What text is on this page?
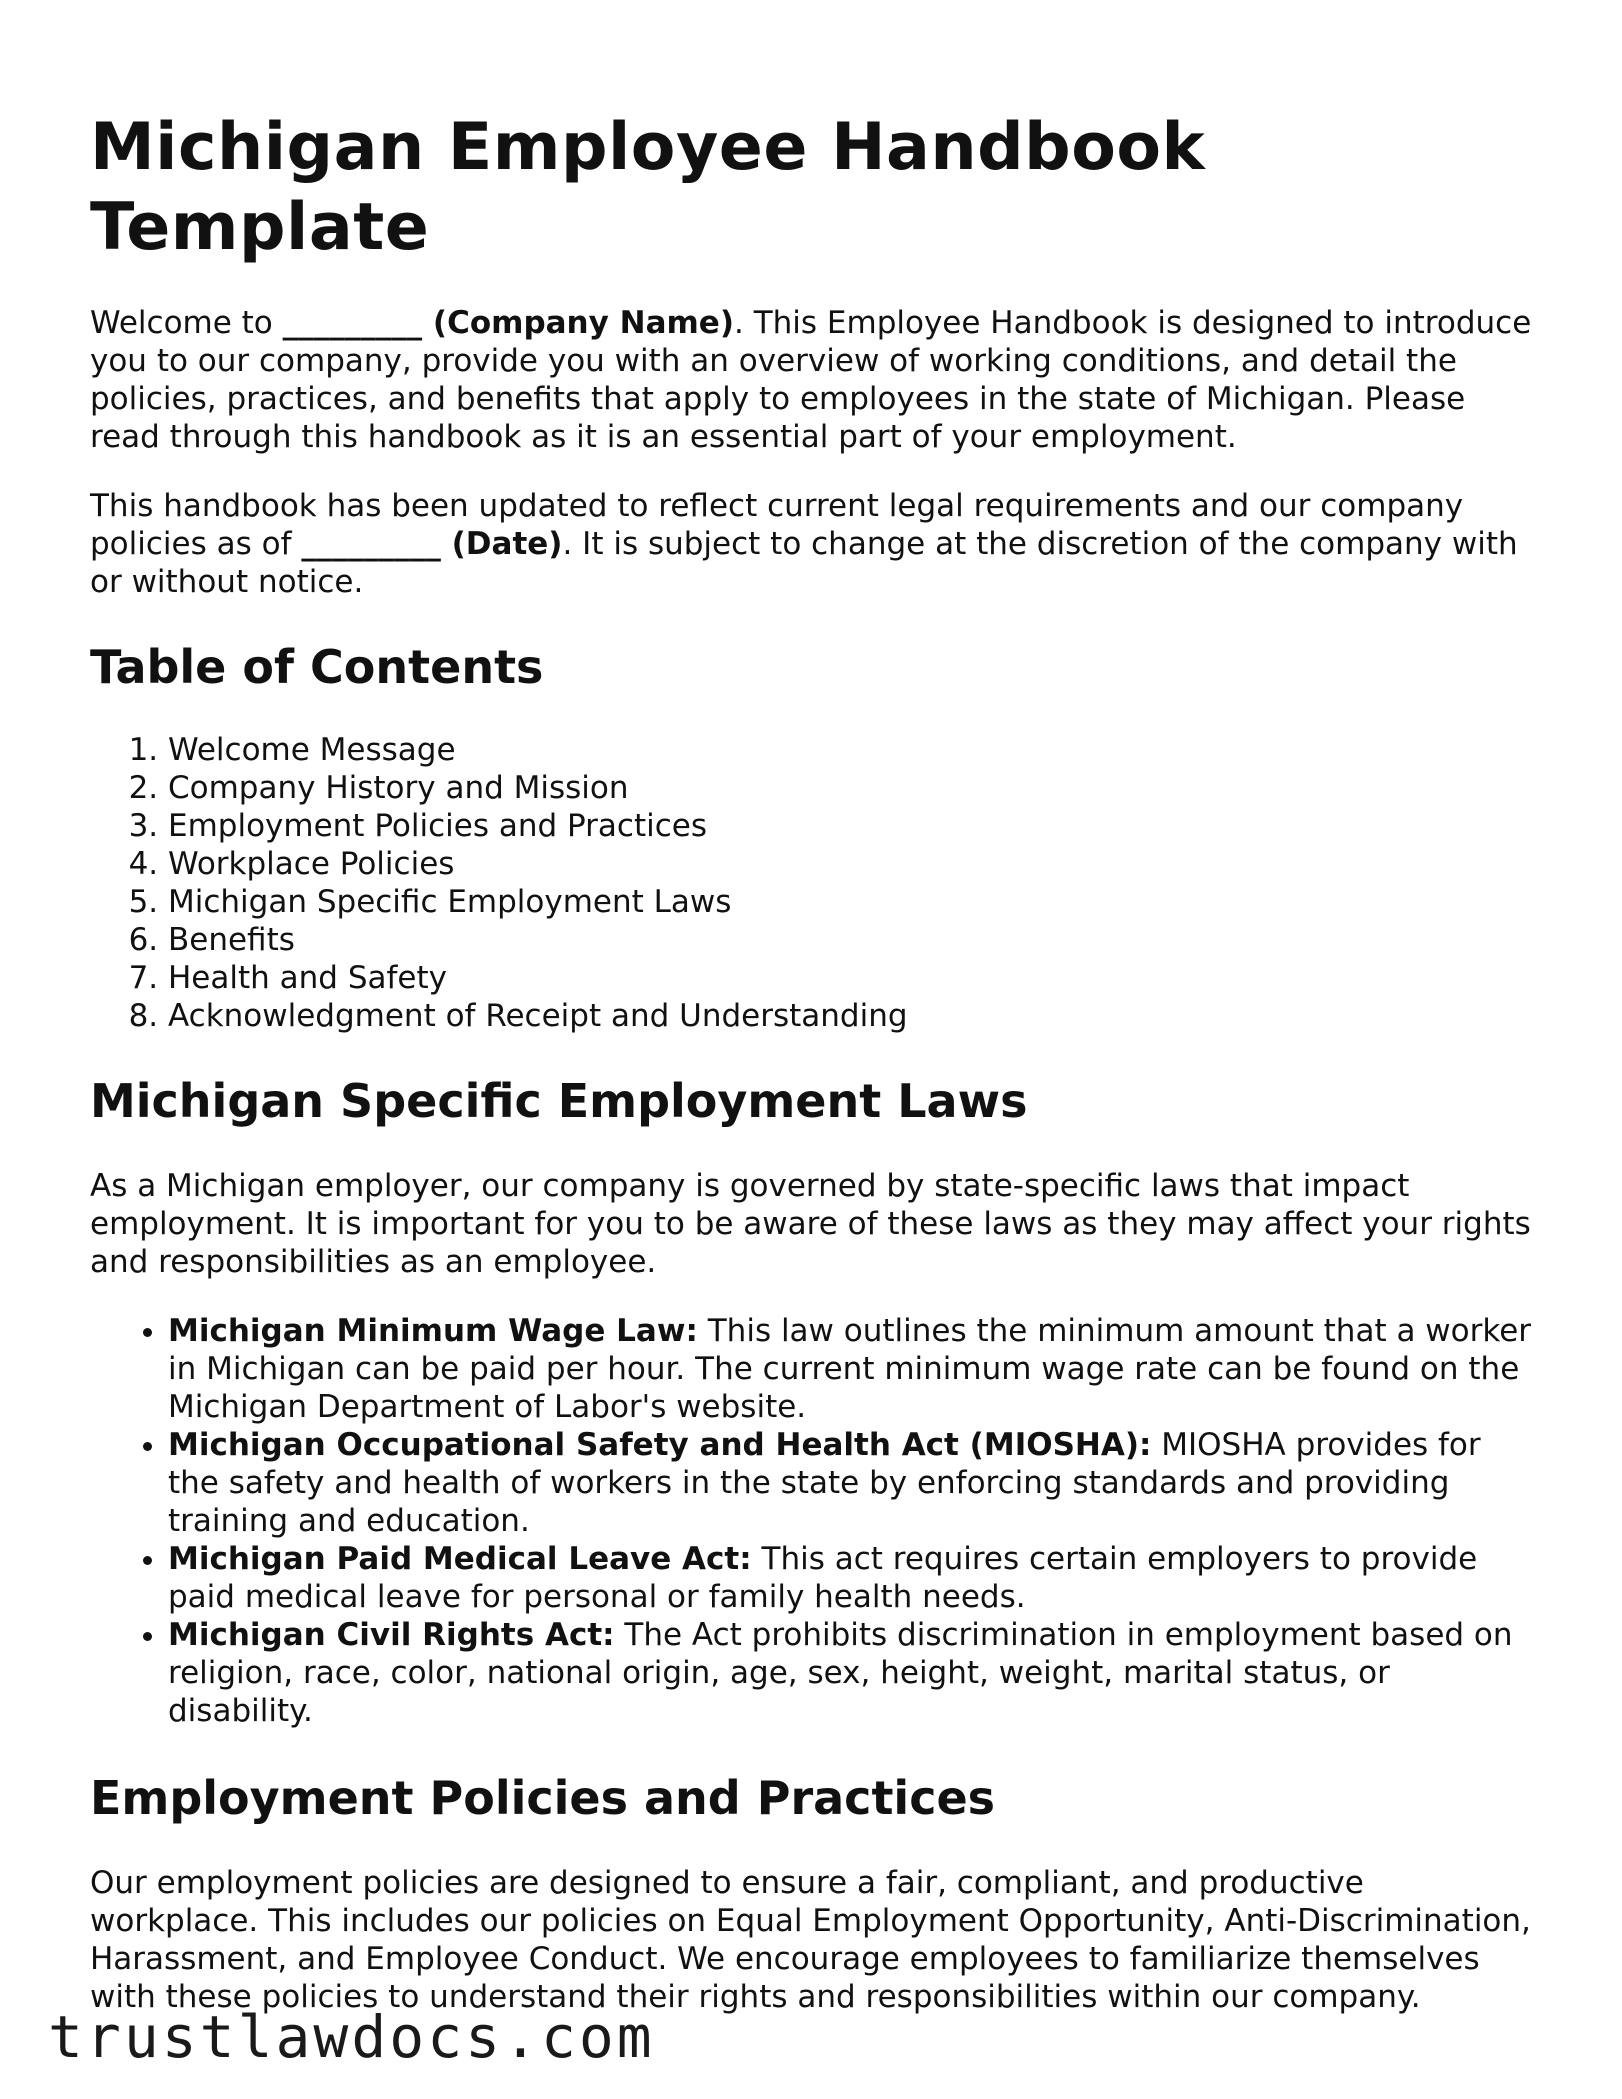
Michigan Employee Handbook Template

Welcome to _________ (Company Name). This Employee Handbook is designed to introduce you to our company, provide you with an overview of working conditions, and detail the policies, practices, and benefits that apply to employees in the state of Michigan. Please read through this handbook as it is an essential part of your employment.

This handbook has been updated to reflect current legal requirements and our company policies as of _________ (Date). It is subject to change at the discretion of the company with or without notice.

Table of Contents
1. Welcome Message
2. Company History and Mission
3. Employment Policies and Practices
4. Workplace Policies
5. Michigan Specific Employment Laws
6. Benefits
7. Health and Safety
8. Acknowledgment of Receipt and Understanding
Michigan Specific Employment Laws

As a Michigan employer, our company is governed by state-specific laws that impact employment. It is important for you to be aware of these laws as they may affect your rights and responsibilities as an employee.

• Michigan Minimum Wage Law: This law outlines the minimum amount that a worker in Michigan can be paid per hour. The current minimum wage rate can be found on the Michigan Department of Labor's website.
• Michigan Occupational Safety and Health Act (MIOSHA): MIOSHA provides for the safety and health of workers in the state by enforcing standards and providing training and education.
• Michigan Paid Medical Leave Act: This act requires certain employers to provide paid medical leave for personal or family health needs.
• Michigan Civil Rights Act: The Act prohibits discrimination in employment based on religion, race, color, national origin, age, sex, height, weight, marital status, or disability.
Employment Policies and Practices

Our employment policies are designed to ensure a fair, compliant, and productive workplace. This includes our policies on Equal Employment Opportunity, Anti-Discrimination, Harassment, and Employee Conduct. We encourage employees to familiarize themselves with these policies to understand their rights and responsibilities within our company.

trustlawdocs.com
